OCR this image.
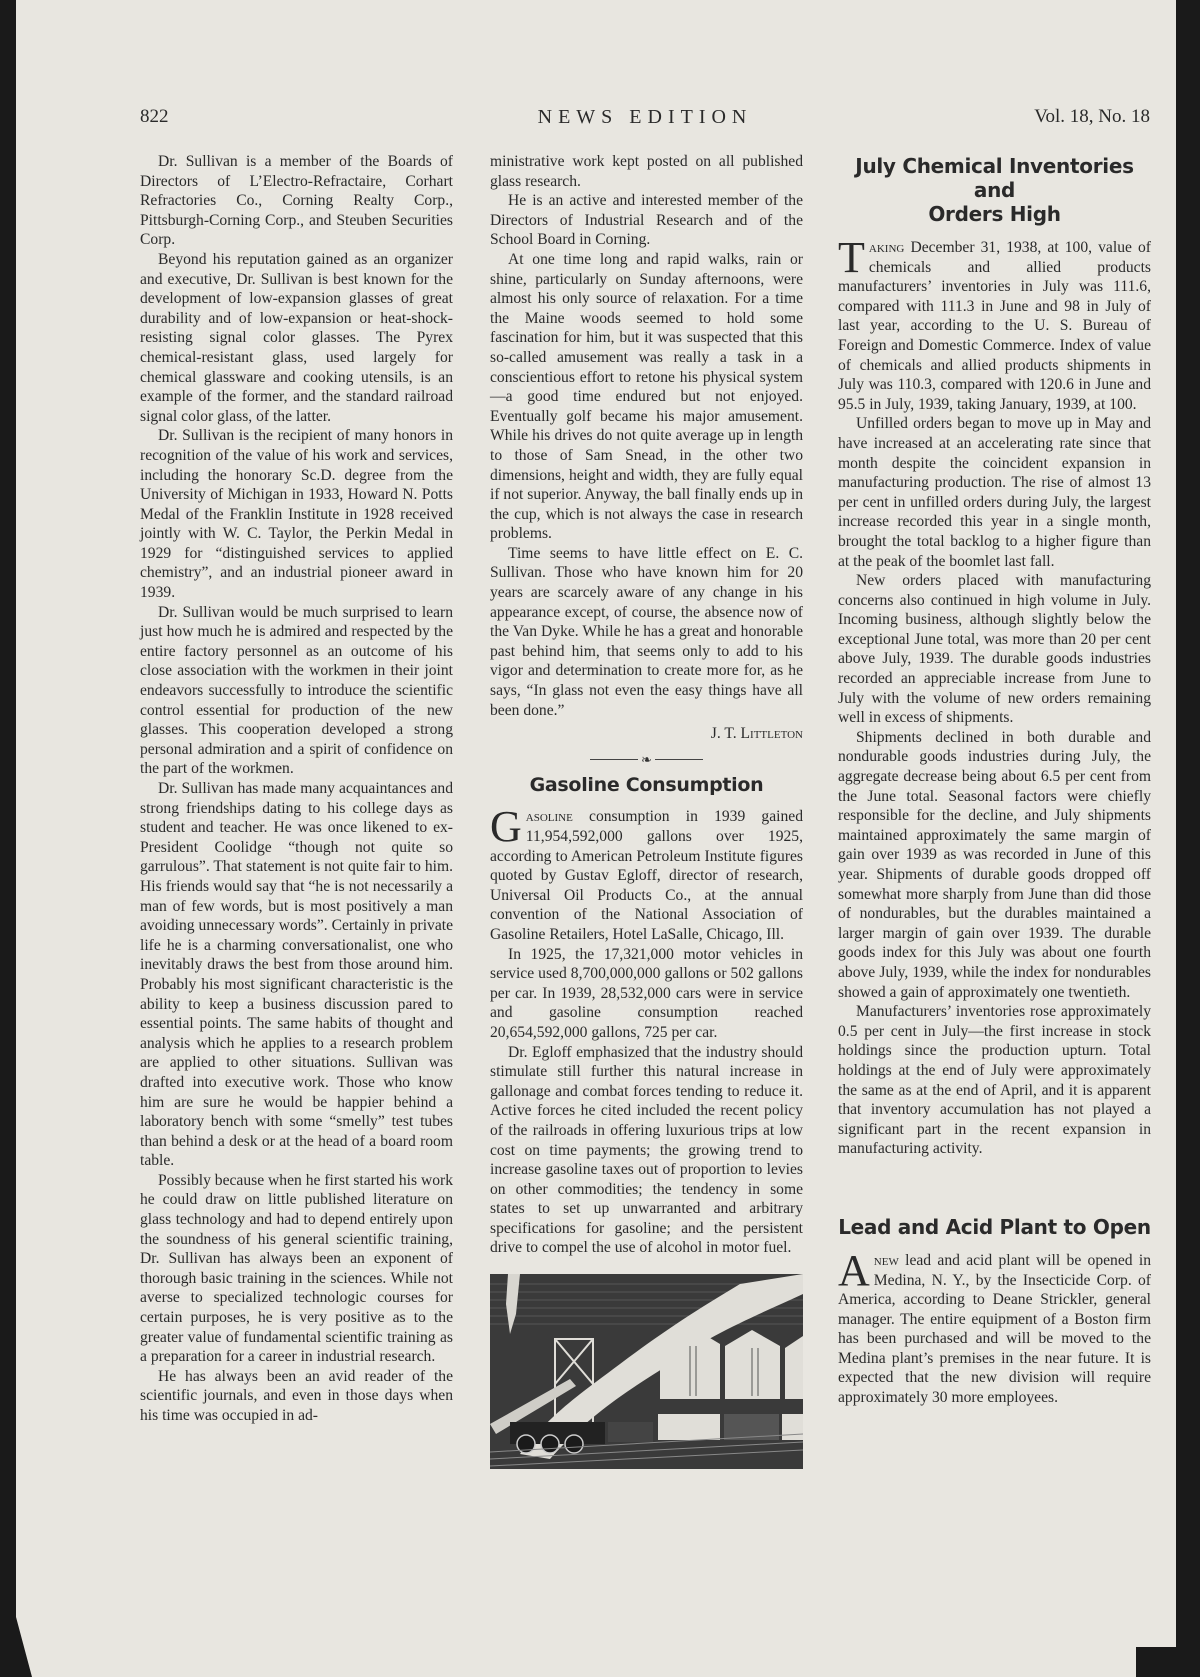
822	NEWS EDITION	Vol. 18, No. 18

Dr. Sullivan is a member of the Boards of Directors of L’Electro-Refractaire, Corhart Refractories Co., Corning Realty Corp., Pittsburgh-Corning Corp., and Steuben Securities Corp.

Beyond his reputation gained as an organizer and executive, Dr. Sullivan is best known for the development of low-expansion glasses of great durability and of low-expansion or heat-shock-resisting signal color glasses. The Pyrex chemical-resistant glass, used largely for chemical glassware and cooking utensils, is an example of the former, and the standard railroad signal color glass, of the latter.

Dr. Sullivan is the recipient of many honors in recognition of the value of his work and services, including the honorary Sc.D. degree from the University of Michigan in 1933, Howard N. Potts Medal of the Franklin Institute in 1928 received jointly with W. C. Taylor, the Perkin Medal in 1929 for “distinguished services to applied chemistry”, and an industrial pioneer award in 1939.

Dr. Sullivan would be much surprised to learn just how much he is admired and respected by the entire factory personnel as an outcome of his close association with the workmen in their joint endeavors successfully to introduce the scientific control essential for production of the new glasses. This cooperation developed a strong personal admiration and a spirit of confidence on the part of the workmen.

Dr. Sullivan has made many acquaintances and strong friendships dating to his college days as student and teacher. He was once likened to ex-President Coolidge “though not quite so garrulous”. That statement is not quite fair to him. His friends would say that “he is not necessarily a man of few words, but is most positively a man avoiding unnecessary words”. Certainly in private life he is a charming conversationalist, one who inevitably draws the best from those around him. Probably his most significant characteristic is the ability to keep a business discussion pared to essential points. The same habits of thought and analysis which he applies to a research problem are applied to other situations. Sullivan was drafted into executive work. Those who know him are sure he would be happier behind a laboratory bench with some “smelly” test tubes than behind a desk or at the head of a board room table.

Possibly because when he first started his work he could draw on little published literature on glass technology and had to depend entirely upon the soundness of his general scientific training, Dr. Sullivan has always been an exponent of thorough basic training in the sciences. While not averse to specialized technologic courses for certain purposes, he is very positive as to the greater value of fundamental scientific training as a preparation for a career in industrial research.

He has always been an avid reader of the scientific journals, and even in those days when his time was occupied in ad-

ministrative work kept posted on all published glass research.

He is an active and interested member of the Directors of Industrial Research and of the School Board in Corning.

At one time long and rapid walks, rain or shine, particularly on Sunday afternoons, were almost his only source of relaxation. For a time the Maine woods seemed to hold some fascination for him, but it was suspected that this so-called amusement was really a task in a conscientious effort to retone his physical system—a good time endured but not enjoyed. Eventually golf became his major amusement. While his drives do not quite average up in length to those of Sam Snead, in the other two dimensions, height and width, they are fully equal if not superior. Anyway, the ball finally ends up in the cup, which is not always the case in research problems.

Time seems to have little effect on E. C. Sullivan. Those who have known him for 20 years are scarcely aware of any change in his appearance except, of course, the absence now of the Van Dyke. While he has a great and honorable past behind him, that seems only to add to his vigor and determination to create more for, as he says, “In glass not even the easy things have all been done.”

J. T. Littleton
❧
Gasoline Consumption

Gasoline consumption in 1939 gained 11,954,592,000 gallons over 1925, according to American Petroleum Institute figures quoted by Gustav Egloff, director of research, Universal Oil Products Co., at the annual convention of the National Association of Gasoline Retailers, Hotel LaSalle, Chicago, Ill.

In 1925, the 17,321,000 motor vehicles in service used 8,700,000,000 gallons or 502 gallons per car. In 1939, 28,532,000 cars were in service and gasoline consumption reached 20,654,592,000 gallons, 725 per car.

Dr. Egloff emphasized that the industry should stimulate still further this natural increase in gallonage and combat forces tending to reduce it. Active forces he cited included the recent policy of the railroads in offering luxurious trips at low cost on time payments; the growing trend to increase gasoline taxes out of proportion to levies on other commodities; the tendency in some states to set up unwarranted and arbitrary specifications for gasoline; and the persistent drive to compel the use of alcohol in motor fuel.

July Chemical Inventories and
Orders High

Taking December 31, 1938, at 100, value of chemicals and allied products manufacturers’ inventories in July was 111.6, compared with 111.3 in June and 98 in July of last year, according to the U. S. Bureau of Foreign and Domestic Commerce. Index of value of chemicals and allied products shipments in July was 110.3, compared with 120.6 in June and 95.5 in July, 1939, taking January, 1939, at 100.

Unfilled orders began to move up in May and have increased at an accelerating rate since that month despite the coincident expansion in manufacturing production. The rise of almost 13 per cent in unfilled orders during July, the largest increase recorded this year in a single month, brought the total backlog to a higher figure than at the peak of the boomlet last fall.

New orders placed with manufacturing concerns also continued in high volume in July. Incoming business, although slightly below the exceptional June total, was more than 20 per cent above July, 1939. The durable goods industries recorded an appreciable increase from June to July with the volume of new orders remaining well in excess of shipments.

Shipments declined in both durable and nondurable goods industries during July, the aggregate decrease being about 6.5 per cent from the June total. Seasonal factors were chiefly responsible for the decline, and July shipments maintained approximately the same margin of gain over 1939 as was recorded in June of this year. Shipments of durable goods dropped off somewhat more sharply from June than did those of nondurables, but the durables maintained a larger margin of gain over 1939. The durable goods index for this July was about one fourth above July, 1939, while the index for nondurables showed a gain of approximately one twentieth.

Manufacturers’ inventories rose approximately 0.5 per cent in July—the first increase in stock holdings since the production upturn. Total holdings at the end of July were approximately the same as at the end of April, and it is apparent that inventory accumulation has not played a significant part in the recent expansion in manufacturing activity.

Lead and Acid Plant to Open

Anew lead and acid plant will be opened in Medina, N. Y., by the Insecticide Corp. of America, according to Deane Strickler, general manager. The entire equipment of a Boston firm has been purchased and will be moved to the Medina plant’s premises in the near future. It is expected that the new division will require approximately 30 more employees.
